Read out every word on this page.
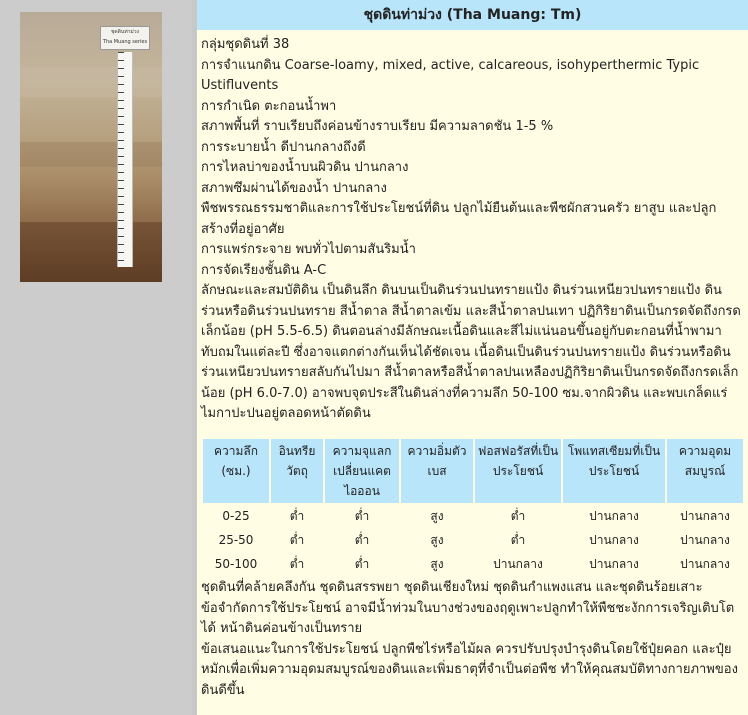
ชุดดินท่าม่วง
Tha Muang series
ชุดดินท่าม่วง (Tha Muang: Tm)

กลุ่มชุดดินที่ 38

การจำแนกดิน Coarse-loamy, mixed, active, calcareous, isohyperthermic Typic Ustifluvents

การกำเนิด ตะกอนน้ำพา

สภาพพื้นที่ ราบเรียบถึงค่อนข้างราบเรียบ มีความลาดชัน 1-5 %

การระบายน้ำ ดีปานกลางถึงดี

การไหลบ่าของน้ำบนผิวดิน ปานกลาง

สภาพซึมผ่านได้ของน้ำ ปานกลาง

พืชพรรณธรรมชาติและการใช้ประโยชน์ที่ดิน ปลูกไม้ยืนต้นและพืชผักสวนครัว ยาสูบ และปลูกสร้างที่อยู่อาศัย

การแพร่กระจาย พบทั่วไปตามสันริมน้ำ

การจัดเรียงชั้นดิน A-C

ลักษณะและสมบัติดิน เป็นดินลึก ดินบนเป็นดินร่วนปนทรายแป้ง ดินร่วนเหนียวปนทรายแป้ง ดินร่วนหรือดินร่วนปนทราย สีน้ำตาล สีน้ำตาลเข้ม และสีน้ำตาลปนเทา ปฏิกิริยาดินเป็นกรดจัดถึงกรดเล็กน้อย (pH 5.5-6.5) ดินตอนล่างมีลักษณะเนื้อดินและสีไม่แน่นอนขึ้นอยู่กับตะกอนที่น้ำพามาทับถมในแต่ละปี ซึ่งอาจแตกต่างกันเห็นได้ชัดเจน เนื้อดินเป็นดินร่วนปนทรายแป้ง ดินร่วนหรือดินร่วนเหนียวปนทรายสลับกันไปมา สีน้ำตาลหรือสีน้ำตาลปนเหลืองปฏิกิริยาดินเป็นกรดจัดถึงกรดเล็กน้อย (pH 6.0-7.0) อาจพบจุดประสีในดินล่างที่ความลึก 50-100 ซม.จากผิวดิน และพบเกล็ดแร่ไมกาปะปนอยู่ตลอดหน้าตัดดิน

ความลึก (ซม.)	อินทรียวัตถุ	ความจุแลกเปลี่ยนแคตไอออน	ความอิ่มตัวเบส	ฟอสฟอรัสที่เป็นประโยชน์	โพแทสเซียมที่เป็นประโยชน์	ความอุดมสมบูรณ์
0-25	ต่ำ	ต่ำ	สูง	ต่ำ	ปานกลาง	ปานกลาง
25-50	ต่ำ	ต่ำ	สูง	ต่ำ	ปานกลาง	ปานกลาง
50-100	ต่ำ	ต่ำ	สูง	ปานกลาง	ปานกลาง	ปานกลาง

ชุดดินที่คล้ายคลึงกัน ชุดดินสรรพยา ชุดดินเชียงใหม่ ชุดดินกำแพงแสน และชุดดินร้อยเสาะ

ข้อจำกัดการใช้ประโยชน์ อาจมีน้ำท่วมในบางช่วงของฤดูเพาะปลูกทำให้พืชชะงักการเจริญเติบโตได้ หน้าดินค่อนข้างเป็นทราย

ข้อเสนอแนะในการใช้ประโยชน์ ปลูกพืชไร่หรือไม้ผล ควรปรับปรุงบำรุงดินโดยใช้ปุ๋ยคอก และปุ๋ยหมักเพื่อเพิ่มความอุดมสมบูรณ์ของดินและเพิ่มธาตุที่จำเป็นต่อพืช ทำให้คุณสมบัติทางกายภาพของดินดีขึ้น
